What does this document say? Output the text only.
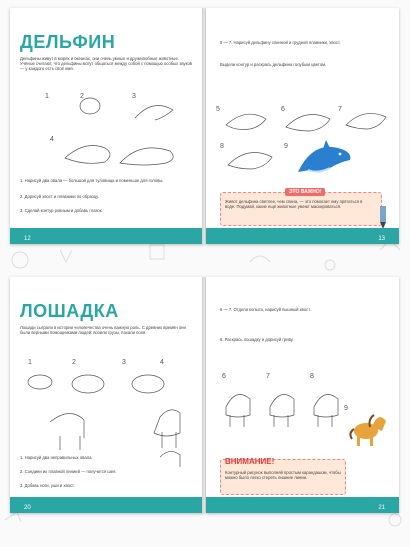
ДЕЛЬФИН
Дельфины живут в морях и океанах, они очень умные и дружелюбные животные. Учёные считают, что дельфины могут общаться между собой с помощью особых звуков — у каждого есть своё имя.
1	2	3
4
1. Нарисуй два овала — большой для туловища и поменьше для головы.
2. Дорисуй хвост и плавники по образцу.
3. Сделай контур ровным и добавь глазок.
12
5 — 7. Нарисуй дельфину спинной и грудной плавники, хвост.
Выдели контур и раскрась дельфина голубым цветом.
5	6	7
8	9
ЭТО ВАЖНО!
Живот дельфина светлее, чем спина, — это помогает ему прятаться в воде. Подумай, какие ещё животные умеют маскироваться.
13
ЛОШАДКА
Лошади сыграли в истории человечества очень важную роль. С древних времён они были верными помощниками людей: возили грузы, пахали поля.
1	2	3	4
1. Нарисуй два неправильных овала.
2. Соедини их плавной линией — получится шея.
3. Добавь ноги, уши и хвост.
20
6 — 7. Отдели копыта, нарисуй пышный хвост.
8. Раскрась лошадку и дорисуй гриву.
6	7	8
9
ВНИМАНИЕ!
Контурный рисунок выполняй простым карандашом, чтобы можно было легко стереть лишние линии.
21
